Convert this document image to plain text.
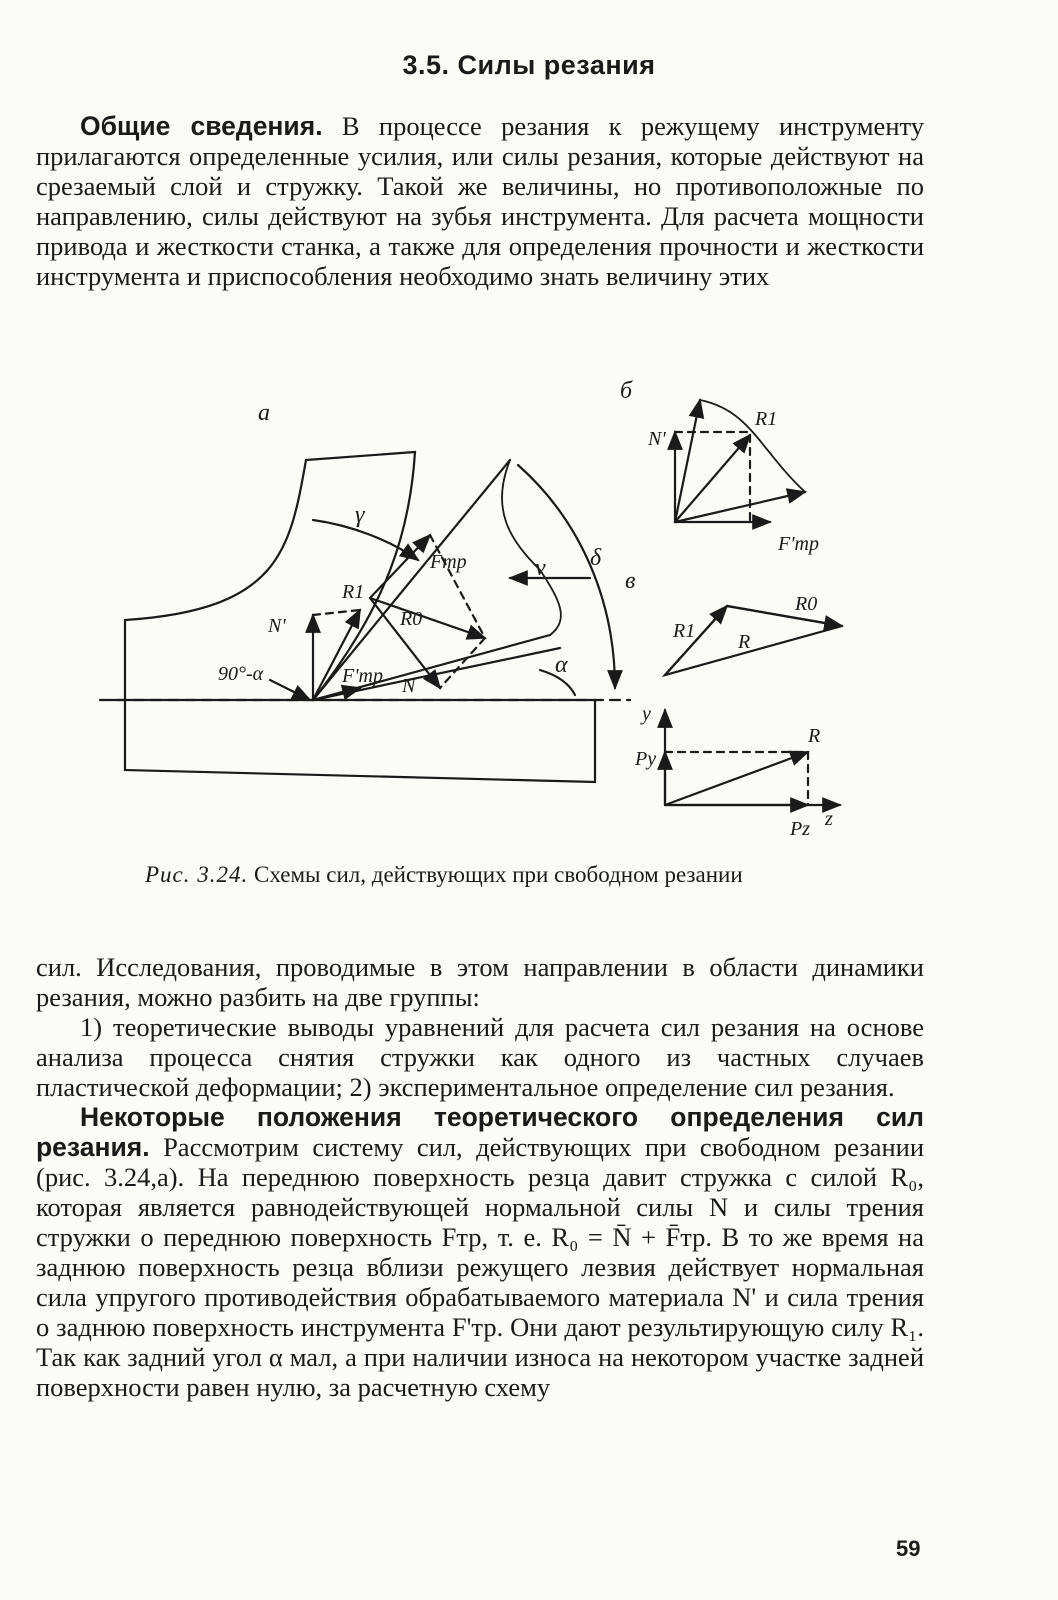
3.5. Силы резания

Общие сведения. В процессе резания к режущему инструменту прилагаются определенные усилия, или силы резания, которые действуют на срезаемый слой и стружку. Такой же величины, но противоположные по направлению, силы действуют на зубья инструмента. Для расчета мощности привода и жесткости станка, а также для определения прочности и жесткости инструмента и приспособления необходимо знать величину этих

а
б
в
γ
δ
α
90°-α
v
Fтр
F'тр
R0
R1
N
N'
N'
R1
F'тр
R0
R1 R
y
z
Py
Pz
R
Рис. 3.24. Схемы сил, действующих при свободном резании

сил. Исследования, проводимые в этом направлении в области динамики резания, можно разбить на две группы:

1) теоретические выводы уравнений для расчета сил резания на основе анализа процесса снятия стружки как одного из частных случаев пластической деформации; 2) экспериментальное определение сил резания.

Некоторые положения теоретического определения сил резания. Рассмотрим систему сил, действующих при свободном резании (рис. 3.24,а). На переднюю поверхность резца давит стружка с силой R₀, которая является равнодействующей нормальной силы N и силы трения стружки о переднюю поверхность Fтр, т. е. R₀ = N̄ + F̄тр. В то же время на заднюю поверхность резца вблизи режущего лезвия действует нормальная сила упругого противодействия обрабатываемого материала N' и сила трения о заднюю поверхность инструмента F'тр. Они дают результирующую силу R₁. Так как задний угол α мал, а при наличии износа на некотором участке задней поверхности равен нулю, за расчетную схему

59
